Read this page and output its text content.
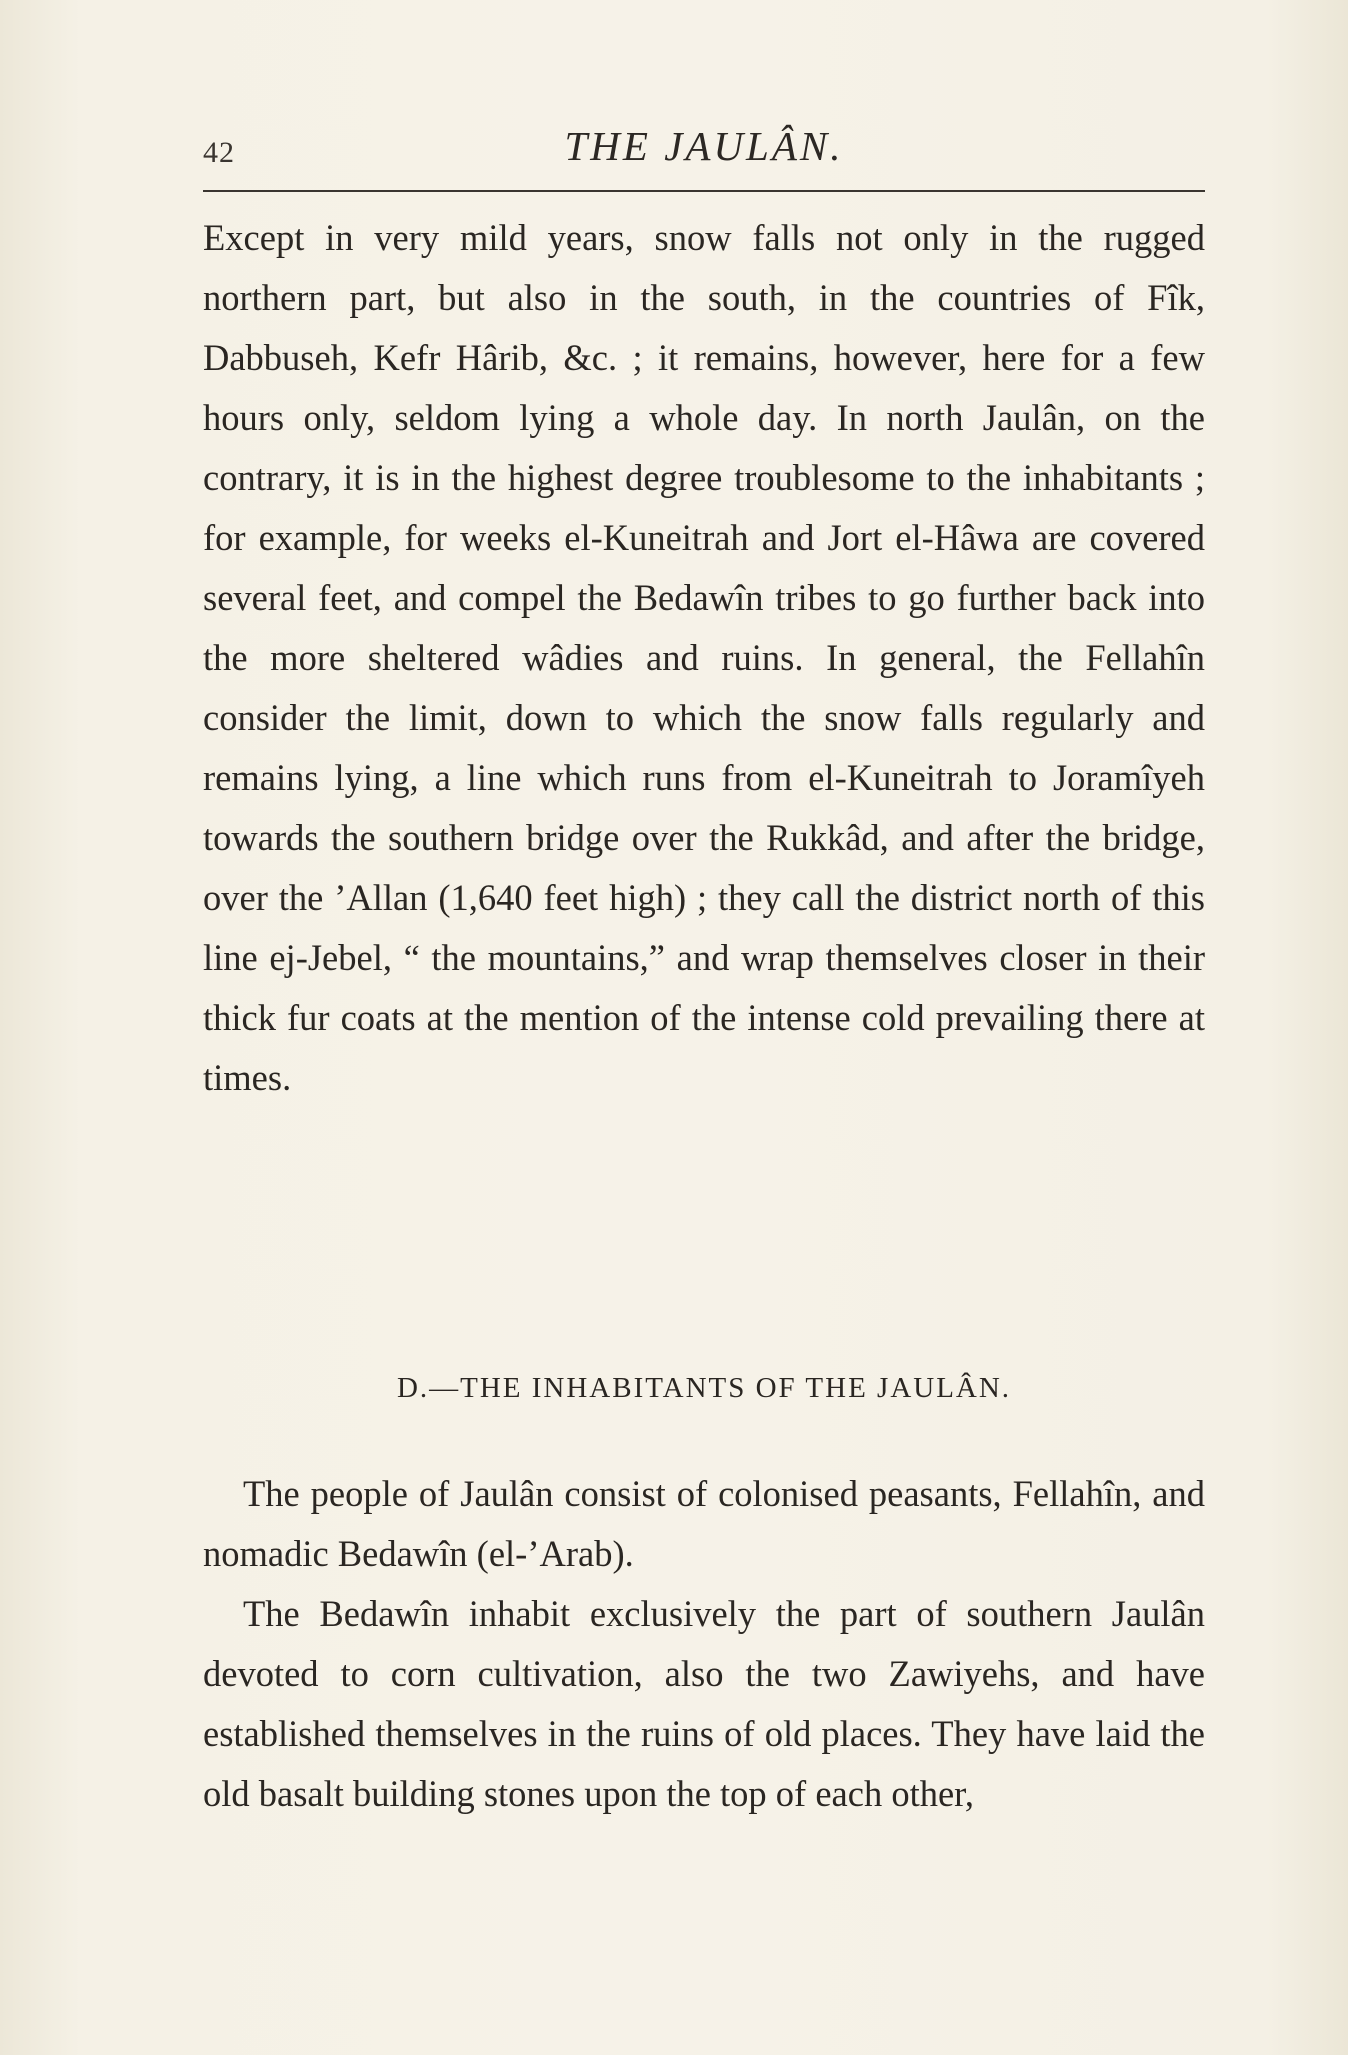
42	THE JAULÂN.

Except in very mild years, snow falls not only in the rugged northern part, but also in the south, in the countries of Fîk, Dabbuseh, Kefr Hârib, &c. ; it remains, however, here for a few hours only, seldom lying a whole day. In north Jaulân, on the contrary, it is in the highest degree troublesome to the inhabitants ; for example, for weeks el-Kuneitrah and Jort el-Hâwa are covered several feet, and compel the Bedawîn tribes to go further back into the more sheltered wâdies and ruins. In general, the Fellahîn consider the limit, down to which the snow falls regularly and remains lying, a line which runs from el-Kuneitrah to Joramîyeh towards the southern bridge over the Rukkâd, and after the bridge, over the ’Allan (1,640 feet high) ; they call the district north of this line ej-Jebel, “ the mountains,” and wrap themselves closer in their thick fur coats at the mention of the intense cold prevailing there at times.

D.—THE INHABITANTS OF THE JAULÂN.

The people of Jaulân consist of colonised peasants, Fellahîn, and nomadic Bedawîn (el-’Arab).

The Bedawîn inhabit exclusively the part of southern Jaulân devoted to corn cultivation, also the two Zawiyehs, and have established themselves in the ruins of old places. They have laid the old basalt building stones upon the top of each other,
